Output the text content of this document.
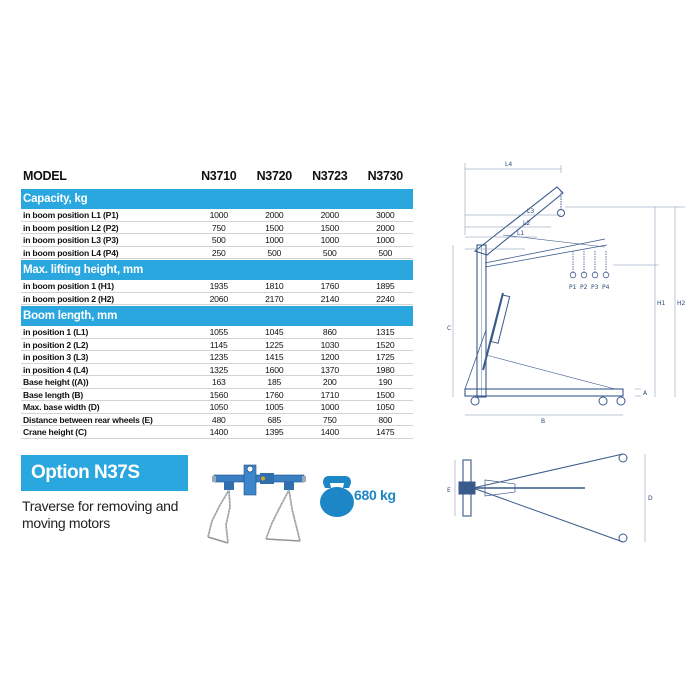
MODEL	N3710	N3720	N3723	N3730
Capacity, kg
in boom position L1 (P1)	1000	2000	2000	3000
in boom position L2 (P2)	750	1500	1500	2000
in boom position L3 (P3)	500	1000	1000	1000
in boom position L4 (P4)	250	500	500	500
Max. lifting height, mm
in boom position 1 (H1)	1935	1810	1760	1895
in boom position 2 (H2)	2060	2170	2140	2240
Boom length, mm
in position 1 (L1)	1055	1045	860	1315
in position 2 (L2)	1145	1225	1030	1520
in position 3 (L3)	1235	1415	1200	1725
in position 4 (L4)	1325	1600	1370	1980
Base height ((A))	163	185	200	190
Base length (B)	1560	1760	1710	1500
Max. base width (D)	1050	1005	1000	1050
Distance between rear wheels (E)	480	685	750	800
Crane height (C)	1400	1395	1400	1475
Option N37S
Traverse for removing and moving motors
680 kg
L4
L3
L2
L1
P1 P2 P3 P4
H1 H2
A
B
C
E
D
